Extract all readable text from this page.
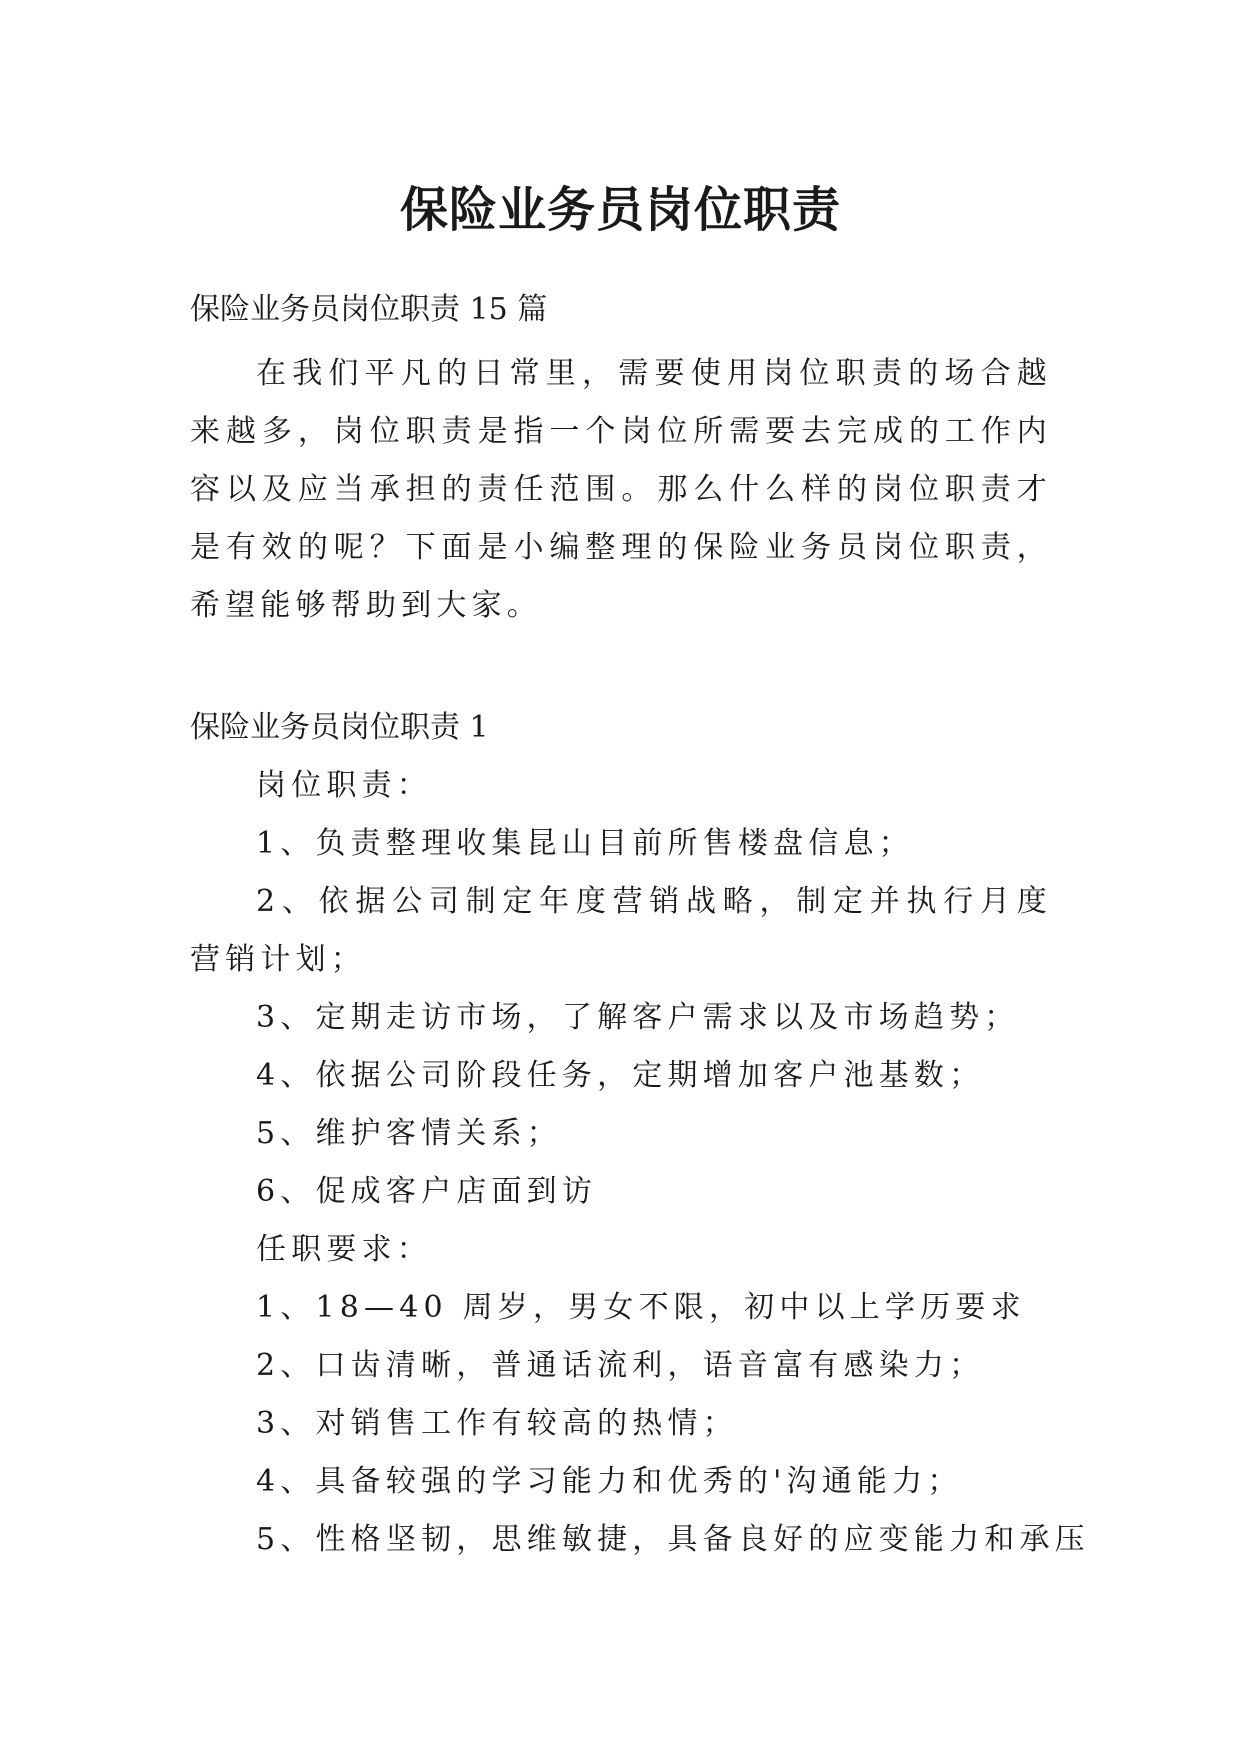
保险业务员岗位职责
保险业务员岗位职责 15 篇

在我们平凡的日常里，需要使用岗位职责的场合越来越多，岗位职责是指一个岗位所需要去完成的工作内容以及应当承担的责任范围。那么什么样的岗位职责才是有效的呢？下面是小编整理的保险业务员岗位职责，希望能够帮助到大家。

保险业务员岗位职责 1

岗位职责：

1、负责整理收集昆山目前所售楼盘信息；

2、依据公司制定年度营销战略，制定并执行月度营销计划；

3、定期走访市场，了解客户需求以及市场趋势；

4、依据公司阶段任务，定期增加客户池基数；

5、维护客情关系；

6、促成客户店面到访

任职要求：

1、18—40 周岁，男女不限，初中以上学历要求

2、口齿清晰，普通话流利，语音富有感染力；

3、对销售工作有较高的热情；

4、具备较强的学习能力和优秀的'沟通能力；

5、性格坚韧，思维敏捷，具备良好的应变能力和承压
